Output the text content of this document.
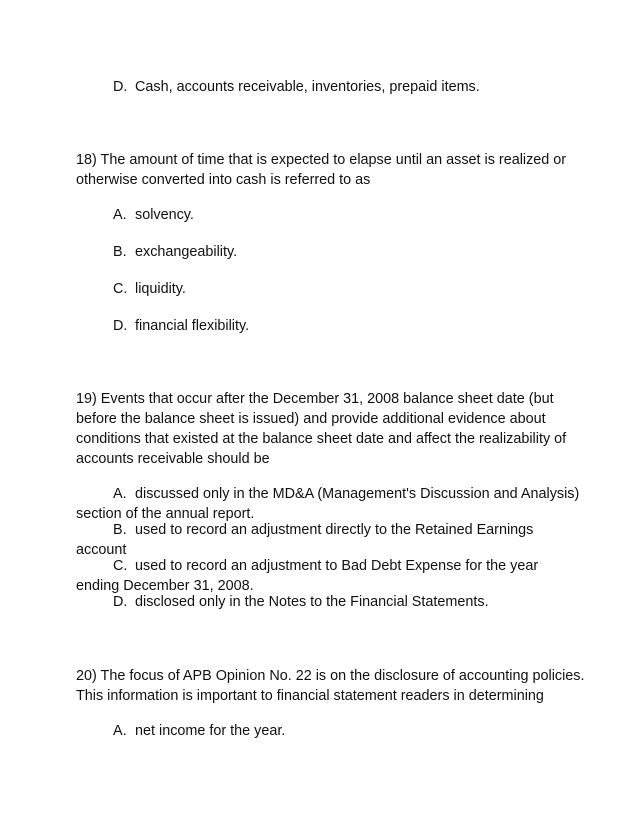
D. Cash, accounts receivable, inventories, prepaid items.
18) The amount of time that is expected to elapse until an asset is realized or
otherwise converted into cash is referred to as
A. solvency.
B. exchangeability.
C. liquidity.
D. financial flexibility.
19) Events that occur after the December 31, 2008 balance sheet date (but
before the balance sheet is issued) and provide additional evidence about
conditions that existed at the balance sheet date and affect the realizability of
accounts receivable should be
A. discussed only in the MD&A (Management's Discussion and Analysis)
section of the annual report.
B. used to record an adjustment directly to the Retained Earnings
account
C. used to record an adjustment to Bad Debt Expense for the year
ending December 31, 2008.
D. disclosed only in the Notes to the Financial Statements.
20) The focus of APB Opinion No. 22 is on the disclosure of accounting policies.
This information is important to financial statement readers in determining
A. net income for the year.
